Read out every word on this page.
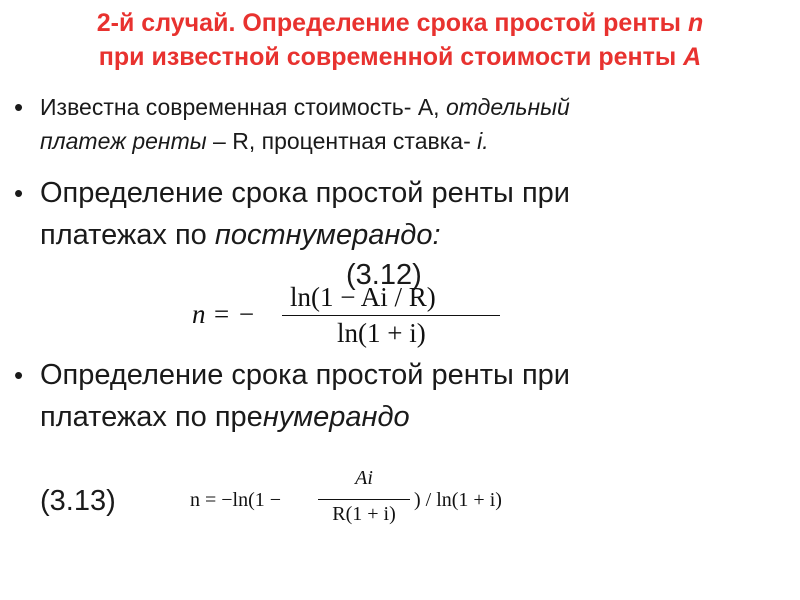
2-й случай. Определение срока простой ренты n
при известной современной стоимости ренты А
• Известна современная стоимость- А, отдельный
платеж ренты – R, процентная ставка- i.
• Определение срока простой ренты при
платежах по постнумерандо:
(3.12)
n = −
ln(1 − Ai / R)
ln(1 + i)
• Определение срока простой ренты при
платежах по пренумерандо
(3.13)	n = −ln(1 −
Ai
R(1 + i)
) / ln(1 + i)
